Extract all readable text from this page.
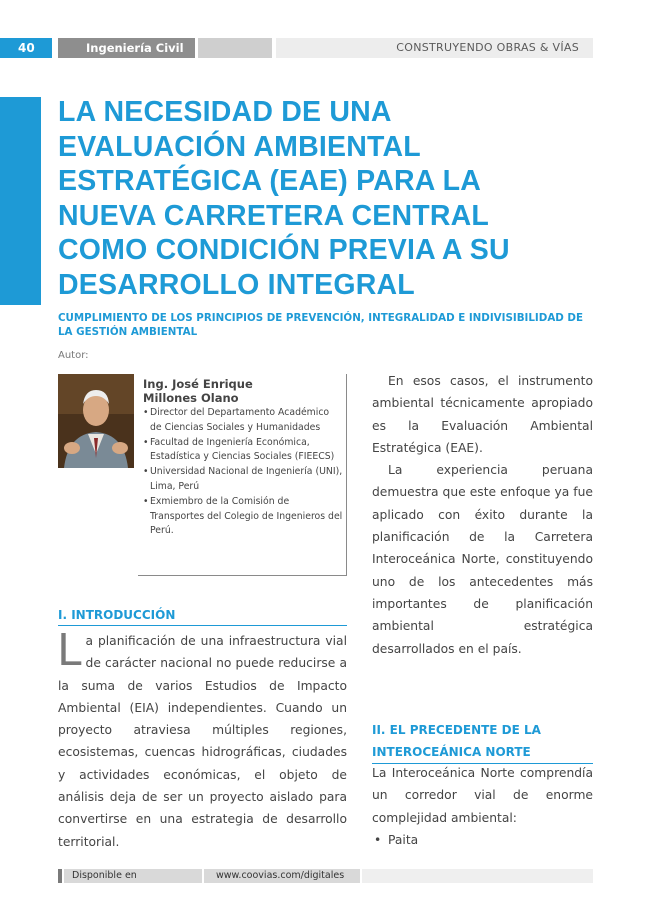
40	Ingeniería Civil	CONSTRUYENDO OBRAS & VÍAS
LA NECESIDAD DE UNA
EVALUACIÓN AMBIENTAL
ESTRATÉGICA (EAE) PARA LA
NUEVA CARRETERA CENTRAL
COMO CONDICIÓN PREVIA A SU
DESARROLLO INTEGRAL
CUMPLIMIENTO DE LOS PRINCIPIOS DE PREVENCIÓN, INTEGRALIDAD E INDIVISIBILIDAD DE LA GESTIÓN AMBIENTAL
Autor:
Ing. José Enrique
Millones Olano
• Director del Departamento Académico de Ciencias Sociales y Humanidades
• Facultad de Ingeniería Económica, Estadística y Ciencias Sociales (FIEECS)
• Universidad Nacional de Ingeniería (UNI), Lima, Perú
• Exmiembro de la Comisión de Transportes del Colegio de Ingenieros del Perú.
I. INTRODUCCIÓN
La planificación de una infraestructura vial de carácter nacional no puede reducirse a la suma de varios Estudios de Impacto Ambiental (EIA) independientes. Cuando un proyecto atraviesa múltiples regiones, ecosistemas, cuencas hidrográficas, ciudades y actividades económicas, el objeto de análisis deja de ser un proyecto aislado para convertirse en una estrategia de desarrollo territorial.

En esos casos, el instrumento ambiental técnicamente apropiado es la Evaluación Ambiental Estratégica (EAE).

La experiencia peruana demuestra que este enfoque ya fue aplicado con éxito durante la planificación de la Carretera Interoceánica Norte, constituyendo uno de los antecedentes más importantes de planificación ambiental estratégica desarrollados en el país.

II. EL PRECEDENTE DE LA
INTEROCEÁNICA NORTE

La Interoceánica Norte comprendía un corredor vial de enorme complejidad ambiental:

• Paita
Disponible en	www.coovias.com/digitales
